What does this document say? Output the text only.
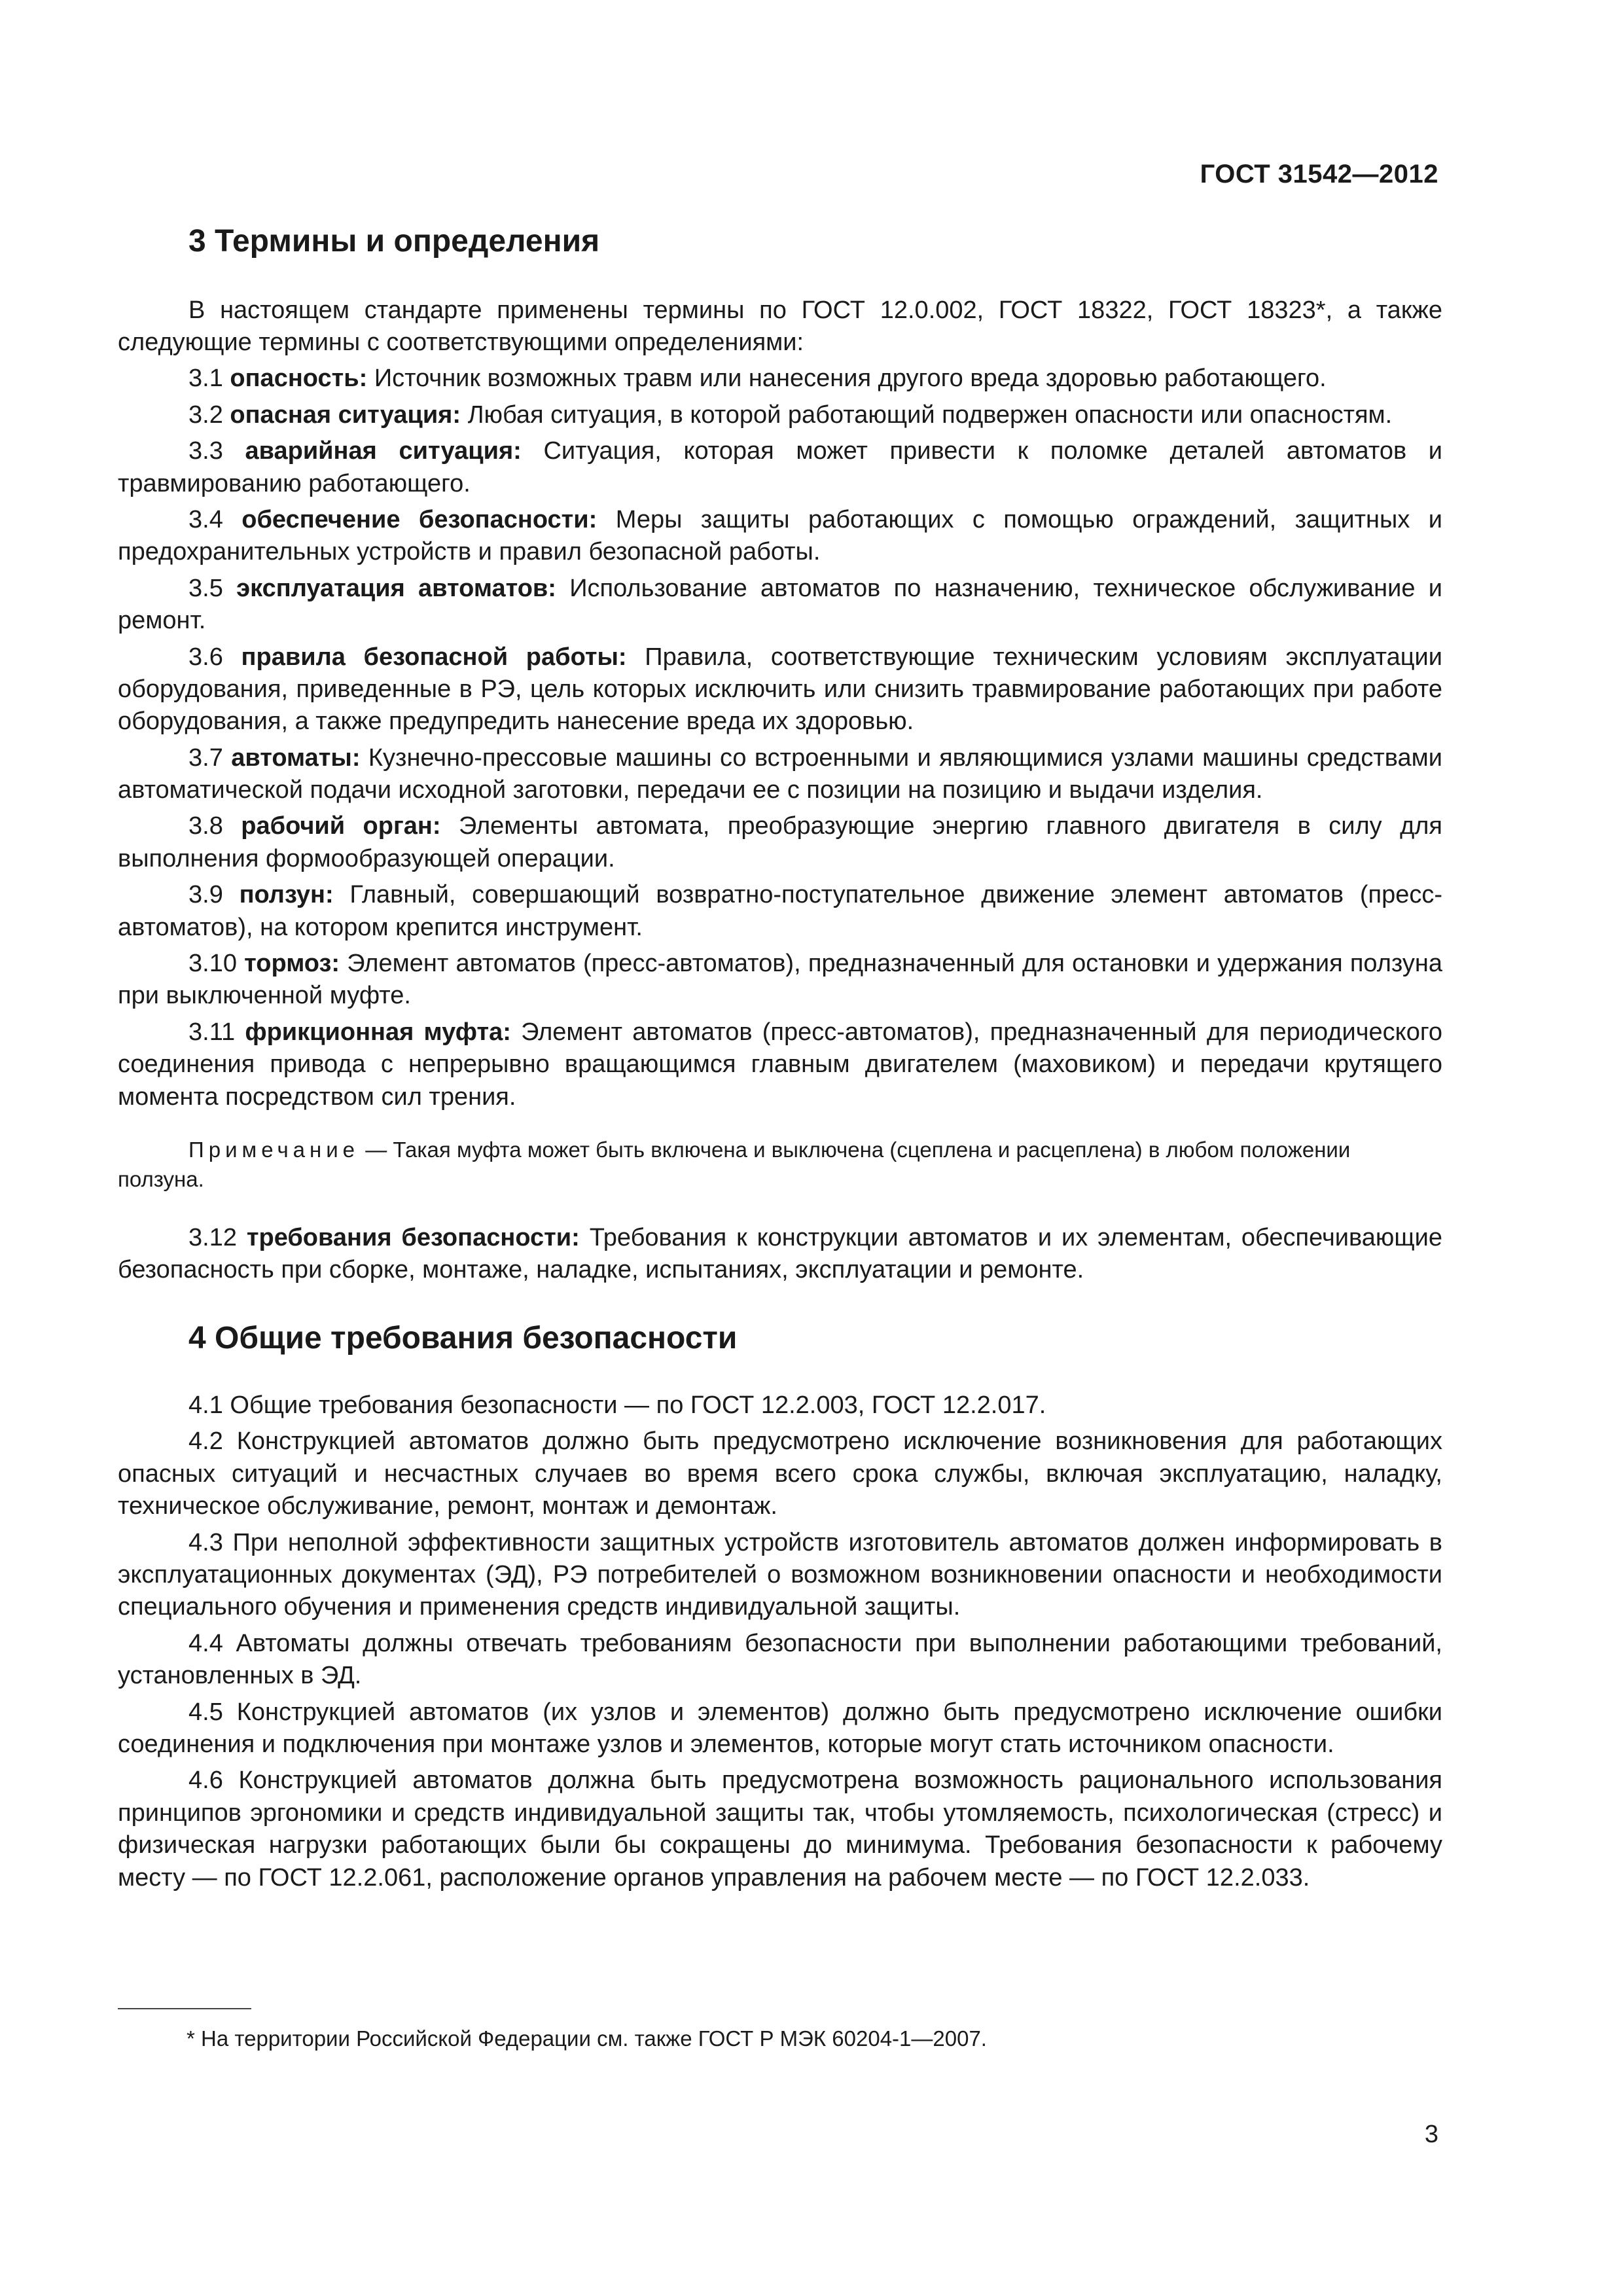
ГОСТ 31542—2012
3 Термины и определения

В настоящем стандарте применены термины по ГОСТ 12.0.002, ГОСТ 18322, ГОСТ 18323*, а также следующие термины с соответствующими определениями:

3.1 опасность: Источник возможных травм или нанесения другого вреда здоровью работающего.

3.2 опасная ситуация: Любая ситуация, в которой работающий подвержен опасности или опасностям.

3.3 аварийная ситуация: Ситуация, которая может привести к поломке деталей автоматов и травмированию работающего.

3.4 обеспечение безопасности: Меры защиты работающих с помощью ограждений, защитных и предохранительных устройств и правил безопасной работы.

3.5 эксплуатация автоматов: Использование автоматов по назначению, техническое обслуживание и ремонт.

3.6 правила безопасной работы: Правила, соответствующие техническим условиям эксплуатации оборудования, приведенные в РЭ, цель которых исключить или снизить травмирование работающих при работе оборудования, а также предупредить нанесение вреда их здоровью.

3.7 автоматы: Кузнечно-прессовые машины со встроенными и являющимися узлами машины средствами автоматической подачи исходной заготовки, передачи ее с позиции на позицию и выдачи изделия.

3.8 рабочий орган: Элементы автомата, преобразующие энергию главного двигателя в силу для выполнения формообразующей операции.

3.9 ползун: Главный, совершающий возвратно-поступательное движение элемент автоматов (пресс-автоматов), на котором крепится инструмент.

3.10 тормоз: Элемент автоматов (пресс-автоматов), предназначенный для остановки и удержания ползуна при выключенной муфте.

3.11 фрикционная муфта: Элемент автоматов (пресс-автоматов), предназначенный для периодического соединения привода с непрерывно вращающимся главным двигателем (маховиком) и передачи крутящего момента посредством сил трения.

Примечание — Такая муфта может быть включена и выключена (сцеплена и расцеплена) в любом положении ползуна.

3.12 требования безопасности: Требования к конструкции автоматов и их элементам, обеспечивающие безопасность при сборке, монтаже, наладке, испытаниях, эксплуатации и ремонте.

4 Общие требования безопасности

4.1 Общие требования безопасности — по ГОСТ 12.2.003, ГОСТ 12.2.017.

4.2 Конструкцией автоматов должно быть предусмотрено исключение возникновения для работающих опасных ситуаций и несчастных случаев во время всего срока службы, включая эксплуатацию, наладку, техническое обслуживание, ремонт, монтаж и демонтаж.

4.3 При неполной эффективности защитных устройств изготовитель автоматов должен информировать в эксплуатационных документах (ЭД), РЭ потребителей о возможном возникновении опасности и необходимости специального обучения и применения средств индивидуальной защиты.

4.4 Автоматы должны отвечать требованиям безопасности при выполнении работающими требований, установленных в ЭД.

4.5 Конструкцией автоматов (их узлов и элементов) должно быть предусмотрено исключение ошибки соединения и подключения при монтаже узлов и элементов, которые могут стать источником опасности.

4.6 Конструкцией автоматов должна быть предусмотрена возможность рационального использования принципов эргономики и средств индивидуальной защиты так, чтобы утомляемость, психологическая (стресс) и физическая нагрузки работающих были бы сокращены до минимума. Требования безопасности к рабочему месту — по ГОСТ 12.2.061, расположение органов управления на рабочем месте — по ГОСТ 12.2.033.

* На территории Российской Федерации см. также ГОСТ Р МЭК 60204-1—2007.
3
